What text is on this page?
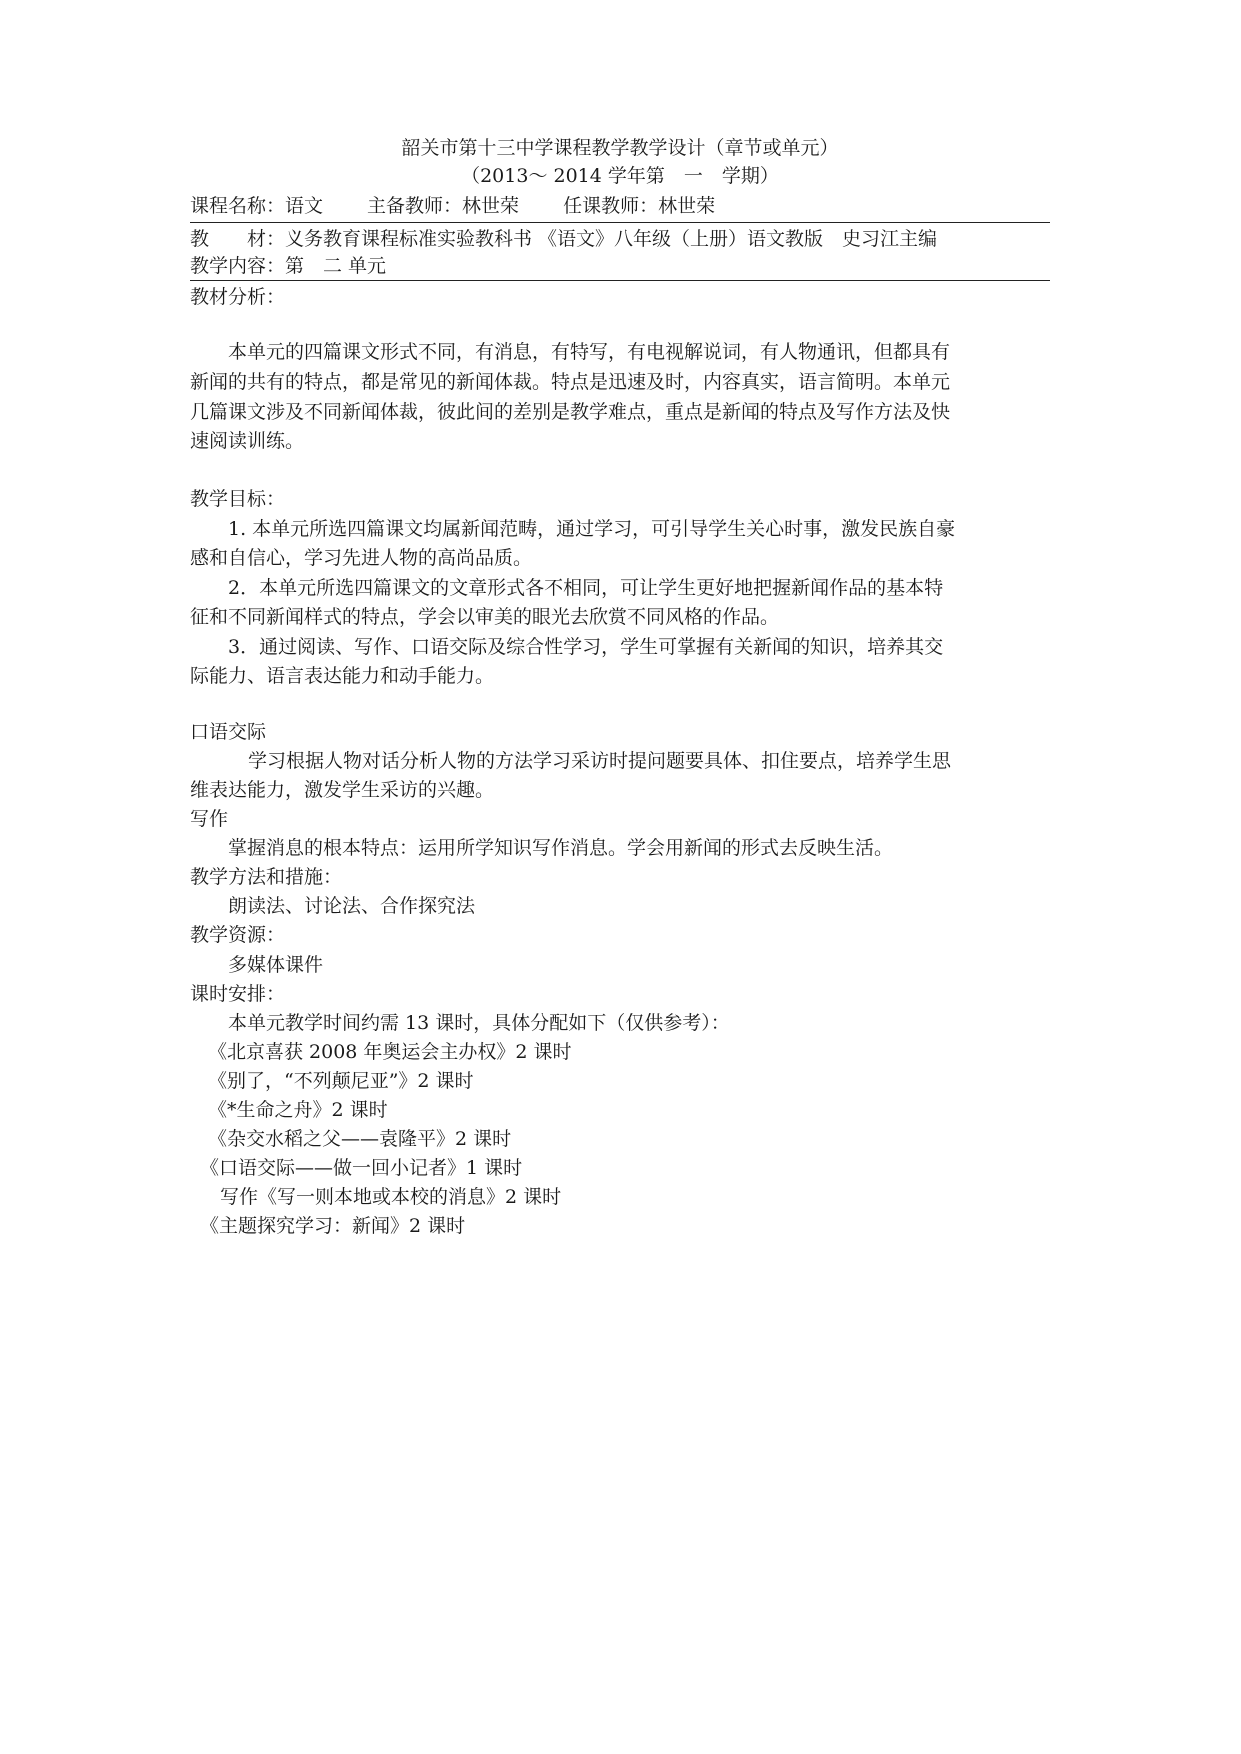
韶关市第十三中学课程教学教学设计（章节或单元）
（2013～ 2014 学年第　一　学期）
课程名称：语文　　 主备教师：林世荣　　 任课教师：林世荣
教　　材：义务教育课程标准实验教科书 《语文》八年级（上册）语文教版　史习江主编
教学内容：第　二 单元
教材分析：
本单元的四篇课文形式不同，有消息，有特写，有电视解说词，有人物通讯，但都具有
新闻的共有的特点，都是常见的新闻体裁。特点是迅速及时，内容真实，语言简明。本单元
几篇课文涉及不同新闻体裁，彼此间的差别是教学难点，重点是新闻的特点及写作方法及快
速阅读训练。
教学目标：
1. 本单元所选四篇课文均属新闻范畴，通过学习，可引导学生关心时事，激发民族自豪
感和自信心，学习先进人物的高尚品质。
2．本单元所选四篇课文的文章形式各不相同，可让学生更好地把握新闻作品的基本特
征和不同新闻样式的特点，学会以审美的眼光去欣赏不同风格的作品。
3．通过阅读、写作、口语交际及综合性学习，学生可掌握有关新闻的知识，培养其交
际能力、语言表达能力和动手能力。
口语交际
学习根据人物对话分析人物的方法学习采访时提问题要具体、扣住要点，培养学生思
维表达能力，激发学生采访的兴趣。
写作
掌握消息的根本特点：运用所学知识写作消息。学会用新闻的形式去反映生活。
教学方法和措施：
朗读法、讨论法、合作探究法
教学资源：
多媒体课件
课时安排：
本单元教学时间约需 13 课时，具体分配如下（仅供参考）：
《北京喜获 2008 年奥运会主办权》2 课时
《别了，“不列颠尼亚”》2 课时
《*生命之舟》2 课时
《杂交水稻之父——袁隆平》2 课时
《口语交际——做一回小记者》1 课时
写作《写一则本地或本校的消息》2 课时
《主题探究学习：新闻》2 课时
